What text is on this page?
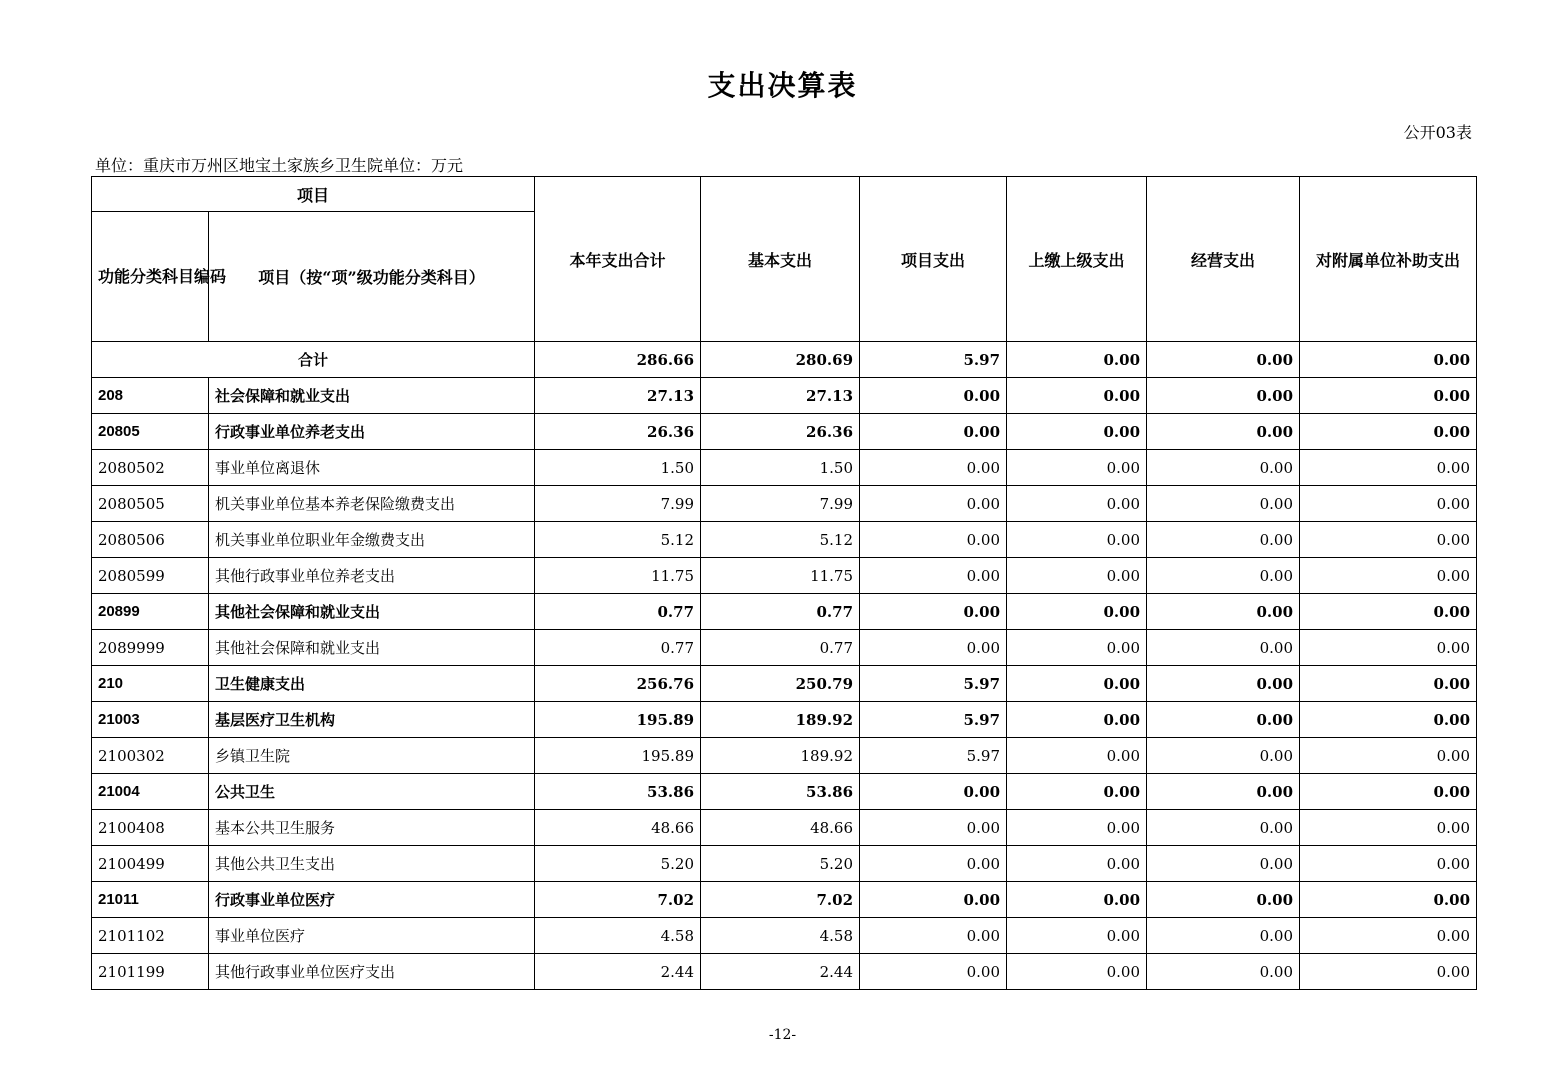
支出决算表
公开03表
单位：重庆市万州区地宝土家族乡卫生院单位：万元
项目		本年支出合计	基本支出	项目支出	上缴上级支出	经营支出	对附属单位补助支出
功能分类科目编码	项目（按“项”级功能分类科目）						
合计		286.66	280.69	5.97	0.00	0.00	0.00
208	社会保障和就业支出	27.13	27.13	0.00	0.00	0.00	0.00
20805	行政事业单位养老支出	26.36	26.36	0.00	0.00	0.00	0.00
2080502	事业单位离退休	1.50	1.50	0.00	0.00	0.00	0.00
2080505	机关事业单位基本养老保险缴费支出	7.99	7.99	0.00	0.00	0.00	0.00
2080506	机关事业单位职业年金缴费支出	5.12	5.12	0.00	0.00	0.00	0.00
2080599	其他行政事业单位养老支出	11.75	11.75	0.00	0.00	0.00	0.00
20899	其他社会保障和就业支出	0.77	0.77	0.00	0.00	0.00	0.00
2089999	其他社会保障和就业支出	0.77	0.77	0.00	0.00	0.00	0.00
210	卫生健康支出	256.76	250.79	5.97	0.00	0.00	0.00
21003	基层医疗卫生机构	195.89	189.92	5.97	0.00	0.00	0.00
2100302	乡镇卫生院	195.89	189.92	5.97	0.00	0.00	0.00
21004	公共卫生	53.86	53.86	0.00	0.00	0.00	0.00
2100408	基本公共卫生服务	48.66	48.66	0.00	0.00	0.00	0.00
2100499	其他公共卫生支出	5.20	5.20	0.00	0.00	0.00	0.00
21011	行政事业单位医疗	7.02	7.02	0.00	0.00	0.00	0.00
2101102	事业单位医疗	4.58	4.58	0.00	0.00	0.00	0.00
2101199	其他行政事业单位医疗支出	2.44	2.44	0.00	0.00	0.00	0.00
-12-
